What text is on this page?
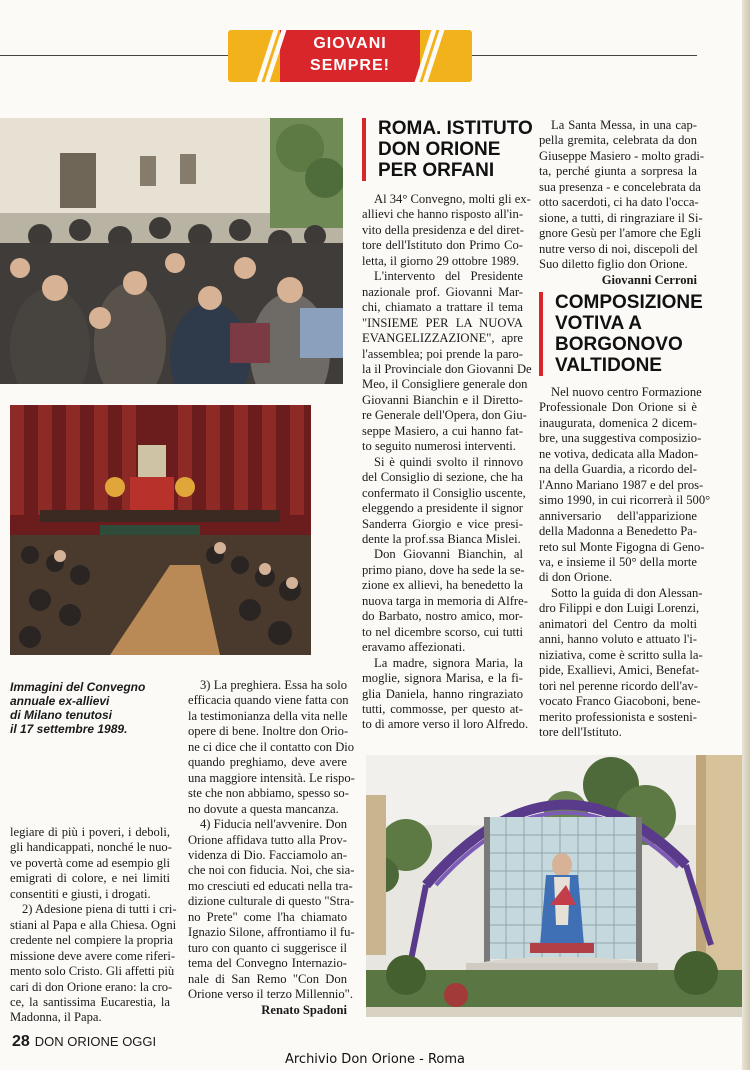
GIOVANI
SEMPRE!
Immagini del Convegno
annuale ex-allievi
di Milano tenutosi
il 17 settembre 1989.
3) La preghiera. Essa ha solo
efficacia quando viene fatta con
la testimonianza della vita nelle
opere di bene. Inoltre don Orio-
ne ci dice che il contatto con Dio
quando preghiamo, deve avere
una maggiore intensità. Le rispo-
ste che non abbiamo, spesso so-
no dovute a questa mancanza.
4) Fiducia nell'avvenire. Don
Orione affidava tutto alla Prov-
videnza di Dio. Facciamolo an-
che noi con fiducia. Noi, che sia-
mo cresciuti ed educati nella tra-
dizione culturale di questo "Stra-
no Prete" come l'ha chiamato
Ignazio Silone, affrontiamo il fu-
turo con quanto ci suggerisce il
tema del Convegno Internazio-
nale di San Remo "Con Don
Orione verso il terzo Millennio".
Renato Spadoni
legiare di più i poveri, i deboli,
gli handicappati, nonché le nuo-
ve povertà come ad esempio gli
emigrati di colore, e nei limiti
consentiti e giusti, i drogati.
2) Adesione piena di tutti i cri-
stiani al Papa e alla Chiesa. Ogni
credente nel compiere la propria
missione deve avere come riferi-
mento solo Cristo. Gli affetti più
cari di don Orione erano: la cro-
ce, la santissima Eucarestia, la
Madonna, il Papa.
ROMA. ISTITUTO
DON ORIONE
PER ORFANI
Al 34° Convegno, molti gli ex-
allievi che hanno risposto all'in-
vito della presidenza e del diret-
tore dell'Istituto don Primo Co-
letta, il giorno 29 ottobre 1989.
L'intervento del Presidente
nazionale prof. Giovanni Mar-
chi, chiamato a trattare il tema
"INSIEME PER LA NUOVA
EVANGELIZZAZIONE", apre
l'assemblea; poi prende la paro-
la il Provinciale don Giovanni De
Meo, il Consigliere generale don
Giovanni Bianchin e il Diretto-
re Generale dell'Opera, don Giu-
seppe Masiero, a cui hanno fat-
to seguito numerosi interventi.
Si è quindi svolto il rinnovo
del Consiglio di sezione, che ha
confermato il Consiglio uscente,
eleggendo a presidente il signor
Sanderra Giorgio e vice presi-
dente la prof.ssa Bianca Mislei.
Don Giovanni Bianchin, al
primo piano, dove ha sede la se-
zione ex allievi, ha benedetto la
nuova targa in memoria di Alfre-
do Barbato, nostro amico, mor-
to nel dicembre scorso, cui tutti
eravamo affezionati.
La madre, signora Maria, la
moglie, signora Marisa, e la fi-
glia Daniela, hanno ringraziato
tutti, commosse, per questo at-
to di amore verso il loro Alfredo.
La Santa Messa, in una cap-
pella gremita, celebrata da don
Giuseppe Masiero - molto gradi-
ta, perché giunta a sorpresa la
sua presenza - e concelebrata da
otto sacerdoti, ci ha dato l'occa-
sione, a tutti, di ringraziare il Si-
gnore Gesù per l'amore che Egli
nutre verso di noi, discepoli del
Suo diletto figlio don Orione.
Giovanni Cerroni
COMPOSIZIONE
VOTIVA A
BORGONOVO
VALTIDONE
Nel nuovo centro Formazione
Professionale Don Orione si è
inaugurata, domenica 2 dicem-
bre, una suggestiva composizio-
ne votiva, dedicata alla Madon-
na della Guardia, a ricordo del-
l'Anno Mariano 1987 e del pros-
simo 1990, in cui ricorrerà il 500°
anniversario dell'apparizione
della Madonna a Benedetto Pa-
reto sul Monte Figogna di Geno-
va, e insieme il 50° della morte
di don Orione.
Sotto la guida di don Alessan-
dro Filippi e don Luigi Lorenzi,
animatori del Centro da molti
anni, hanno voluto e attuato l'i-
niziativa, come è scritto sulla la-
pide, Exallievi, Amici, Benefat-
tori nel perenne ricordo dell'av-
vocato Franco Giacoboni, bene-
merito professionista e sosteni-
tore dell'Istituto.
28 DON ORIONE OGGI
Archivio Don Orione - Roma
